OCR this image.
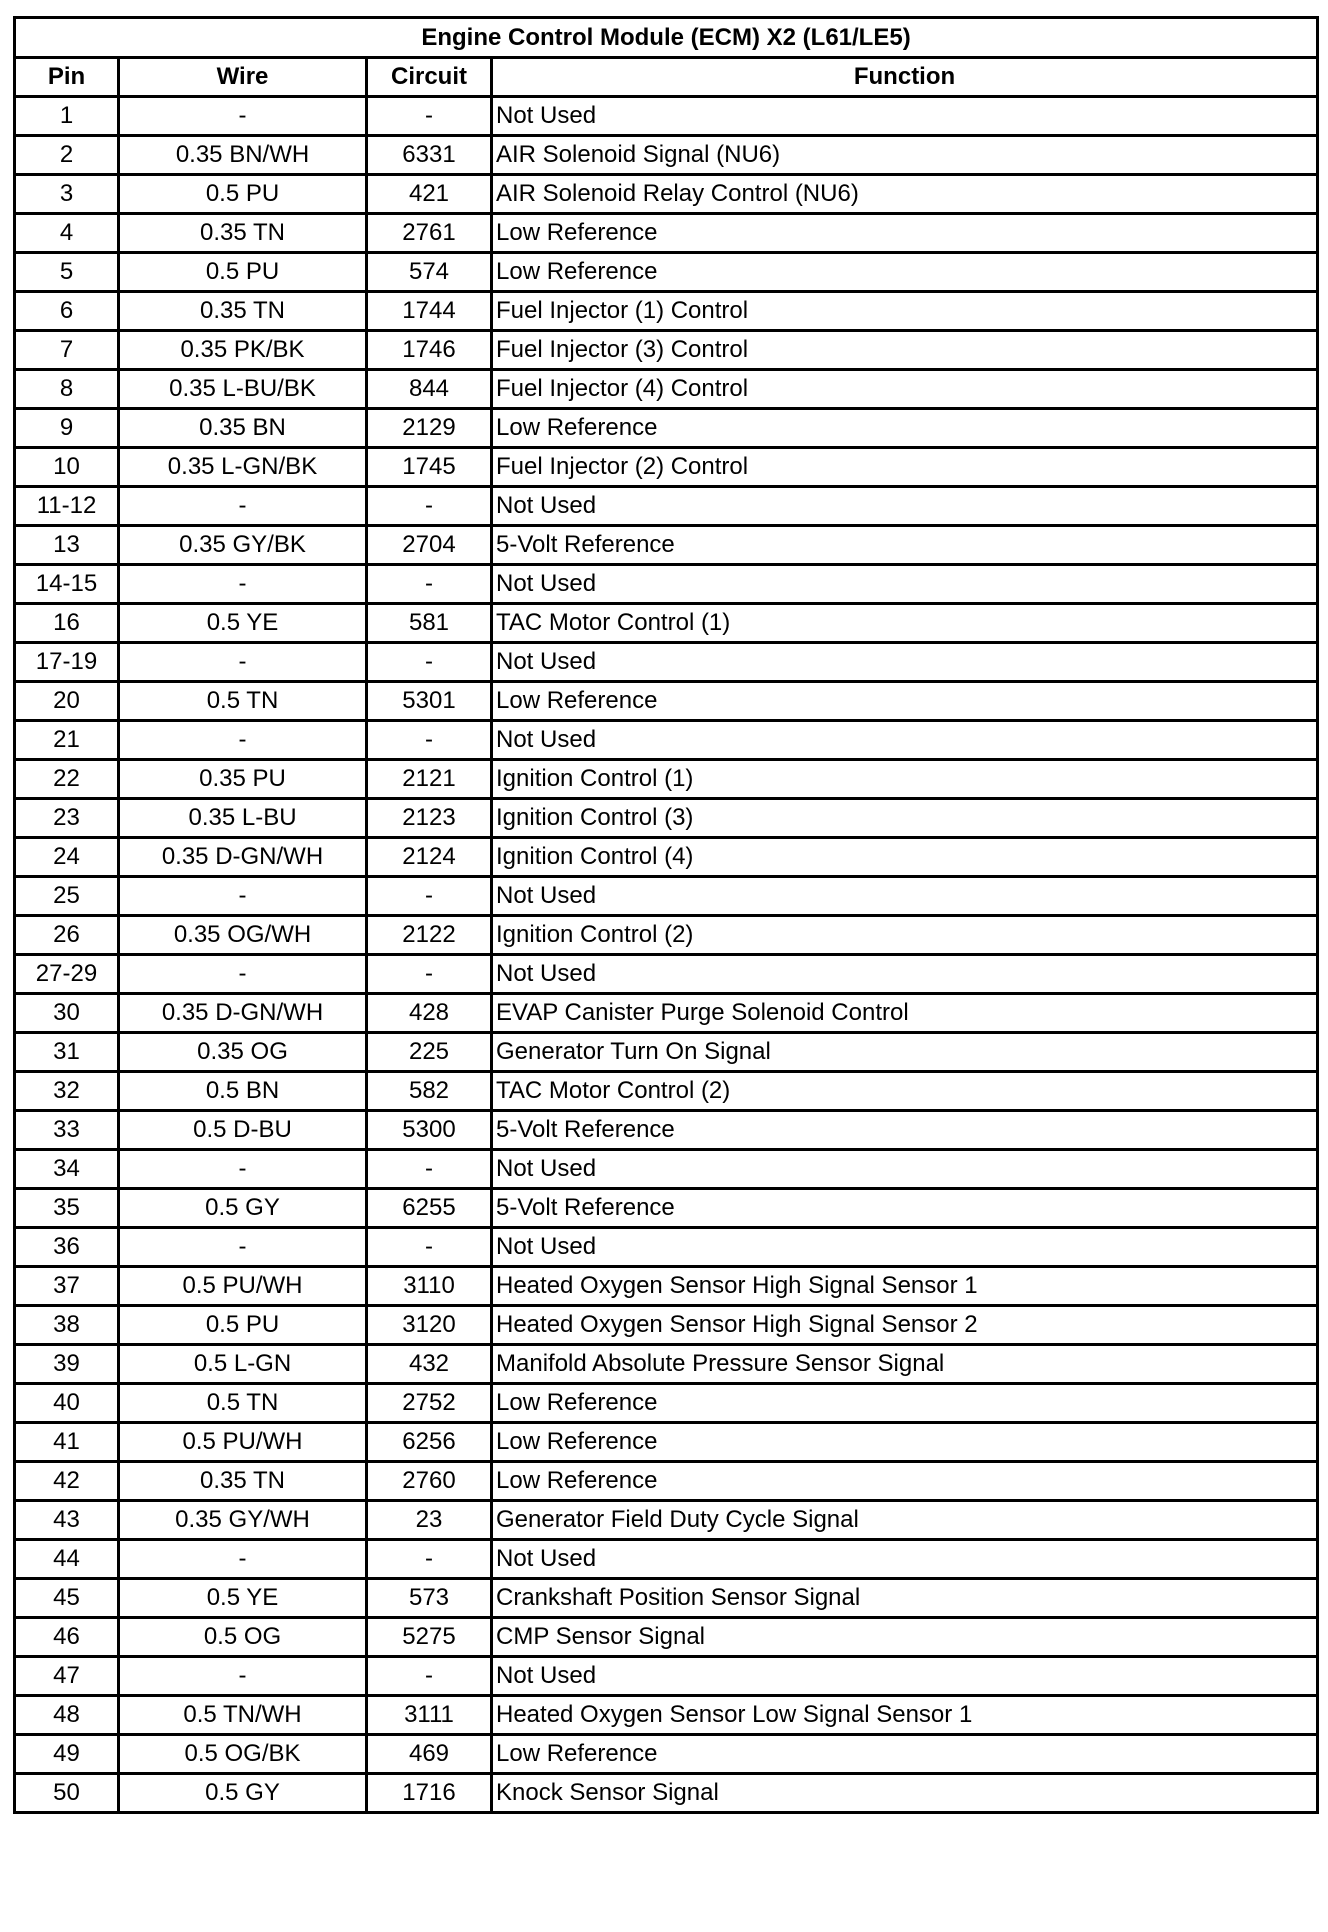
Engine Control Module (ECM) X2 (L61/LE5)			
Pin	Wire	Circuit	Function
1	-	-	Not Used
2	0.35 BN/WH	6331	AIR Solenoid Signal (NU6)
3	0.5 PU	421	AIR Solenoid Relay Control (NU6)
4	0.35 TN	2761	Low Reference
5	0.5 PU	574	Low Reference
6	0.35 TN	1744	Fuel Injector (1) Control
7	0.35 PK/BK	1746	Fuel Injector (3) Control
8	0.35 L-BU/BK	844	Fuel Injector (4) Control
9	0.35 BN	2129	Low Reference
10	0.35 L-GN/BK	1745	Fuel Injector (2) Control
11-12	-	-	Not Used
13	0.35 GY/BK	2704	5-Volt Reference
14-15	-	-	Not Used
16	0.5 YE	581	TAC Motor Control (1)
17-19	-	-	Not Used
20	0.5 TN	5301	Low Reference
21	-	-	Not Used
22	0.35 PU	2121	Ignition Control (1)
23	0.35 L-BU	2123	Ignition Control (3)
24	0.35 D-GN/WH	2124	Ignition Control (4)
25	-	-	Not Used
26	0.35 OG/WH	2122	Ignition Control (2)
27-29	-	-	Not Used
30	0.35 D-GN/WH	428	EVAP Canister Purge Solenoid Control
31	0.35 OG	225	Generator Turn On Signal
32	0.5 BN	582	TAC Motor Control (2)
33	0.5 D-BU	5300	5-Volt Reference
34	-	-	Not Used
35	0.5 GY	6255	5-Volt Reference
36	-	-	Not Used
37	0.5 PU/WH	3110	Heated Oxygen Sensor High Signal Sensor 1
38	0.5 PU	3120	Heated Oxygen Sensor High Signal Sensor 2
39	0.5 L-GN	432	Manifold Absolute Pressure Sensor Signal
40	0.5 TN	2752	Low Reference
41	0.5 PU/WH	6256	Low Reference
42	0.35 TN	2760	Low Reference
43	0.35 GY/WH	23	Generator Field Duty Cycle Signal
44	-	-	Not Used
45	0.5 YE	573	Crankshaft Position Sensor Signal
46	0.5 OG	5275	CMP Sensor Signal
47	-	-	Not Used
48	0.5 TN/WH	3111	Heated Oxygen Sensor Low Signal Sensor 1
49	0.5 OG/BK	469	Low Reference
50	0.5 GY	1716	Knock Sensor Signal
